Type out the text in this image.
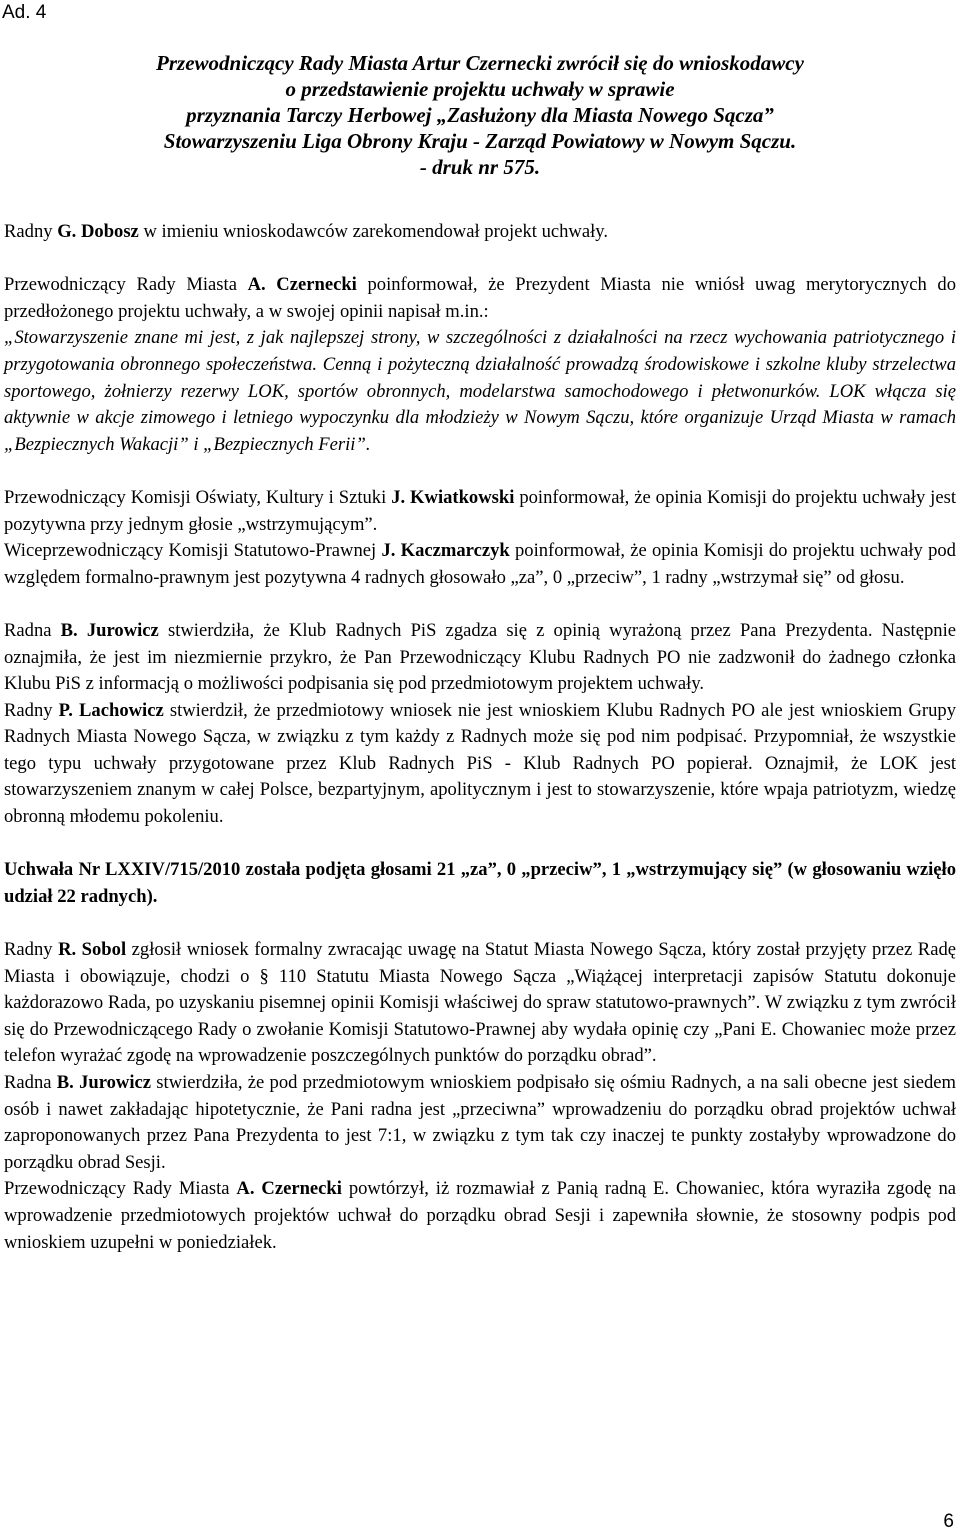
Ad. 4
Przewodniczący Rady Miasta Artur Czernecki zwrócił się do wnioskodawcy
o przedstawienie projektu uchwały w sprawie
przyznania Tarczy Herbowej „Zasłużony dla Miasta Nowego Sącza”
Stowarzyszeniu Liga Obrony Kraju - Zarząd Powiatowy w Nowym Sączu.
- druk nr 575.

Radny G. Dobosz w imieniu wnioskodawców zarekomendował projekt uchwały.

Przewodniczący Rady Miasta A. Czernecki poinformował, że Prezydent Miasta nie wniósł uwag merytorycznych do przedłożonego projektu uchwały, a w swojej opinii napisał m.in.:
„Stowarzyszenie znane mi jest, z jak najlepszej strony, w szczególności z działalności na rzecz wychowania patriotycznego i przygotowania obronnego społeczeństwa. Cenną i pożyteczną działalność prowadzą środowiskowe i szkolne kluby strzelectwa sportowego, żołnierzy rezerwy LOK, sportów obronnych, modelarstwa samochodowego i płetwonurków. LOK włącza się aktywnie w akcje zimowego i letniego wypoczynku dla młodzieży w Nowym Sączu, które organizuje Urząd Miasta w ramach „Bezpiecznych Wakacji” i „Bezpiecznych Ferii”.

Przewodniczący Komisji Oświaty, Kultury i Sztuki J. Kwiatkowski poinformował, że opinia Komisji do projektu uchwały jest pozytywna przy jednym głosie „wstrzymującym”.

Wiceprzewodniczący Komisji Statutowo-Prawnej J. Kaczmarczyk poinformował, że opinia Komisji do projektu uchwały pod względem formalno-prawnym jest pozytywna 4 radnych głosowało „za”, 0 „przeciw”, 1 radny „wstrzymał się” od głosu.

Radna B. Jurowicz stwierdziła, że Klub Radnych PiS zgadza się z opinią wyrażoną przez Pana Prezydenta. Następnie oznajmiła, że jest im niezmiernie przykro, że Pan Przewodniczący Klubu Radnych PO nie zadzwonił do żadnego członka Klubu PiS z informacją o możliwości podpisania się pod przedmiotowym projektem uchwały.

Radny P. Lachowicz stwierdził, że przedmiotowy wniosek nie jest wnioskiem Klubu Radnych PO ale jest wnioskiem Grupy Radnych Miasta Nowego Sącza, w związku z tym każdy z Radnych może się pod nim podpisać. Przypomniał, że wszystkie tego typu uchwały przygotowane przez Klub Radnych PiS - Klub Radnych PO popierał. Oznajmił, że LOK jest stowarzyszeniem znanym w całej Polsce, bezpartyjnym, apolitycznym i jest to stowarzyszenie, które wpaja patriotyzm, wiedzę obronną młodemu pokoleniu.

Uchwała Nr LXXIV/715/2010 została podjęta głosami 21 „za”, 0 „przeciw”, 1 „wstrzymujący się” (w głosowaniu wzięło udział 22 radnych).

Radny R. Sobol zgłosił wniosek formalny zwracając uwagę na Statut Miasta Nowego Sącza, który został przyjęty przez Radę Miasta i obowiązuje, chodzi o § 110 Statutu Miasta Nowego Sącza „Wiążącej interpretacji zapisów Statutu dokonuje każdorazowo Rada, po uzyskaniu pisemnej opinii Komisji właściwej do spraw statutowo-prawnych”. W związku z tym zwrócił się do Przewodniczącego Rady o zwołanie Komisji Statutowo-Prawnej aby wydała opinię czy „Pani E. Chowaniec może przez telefon wyrażać zgodę na wprowadzenie poszczególnych punktów do porządku obrad”.

Radna B. Jurowicz stwierdziła, że pod przedmiotowym wnioskiem podpisało się ośmiu Radnych, a na sali obecne jest siedem osób i nawet zakładając hipotetycznie, że Pani radna jest „przeciwna” wprowadzeniu do porządku obrad projektów uchwał zaproponowanych przez Pana Prezydenta to jest 7:1, w związku z tym tak czy inaczej te punkty zostałyby wprowadzone do porządku obrad Sesji.

Przewodniczący Rady Miasta A. Czernecki powtórzył, iż rozmawiał z Panią radną E. Chowaniec, która wyraziła zgodę na wprowadzenie przedmiotowych projektów uchwał do porządku obrad Sesji i zapewniła słownie, że stosowny podpis pod wnioskiem uzupełni w poniedziałek.

6
